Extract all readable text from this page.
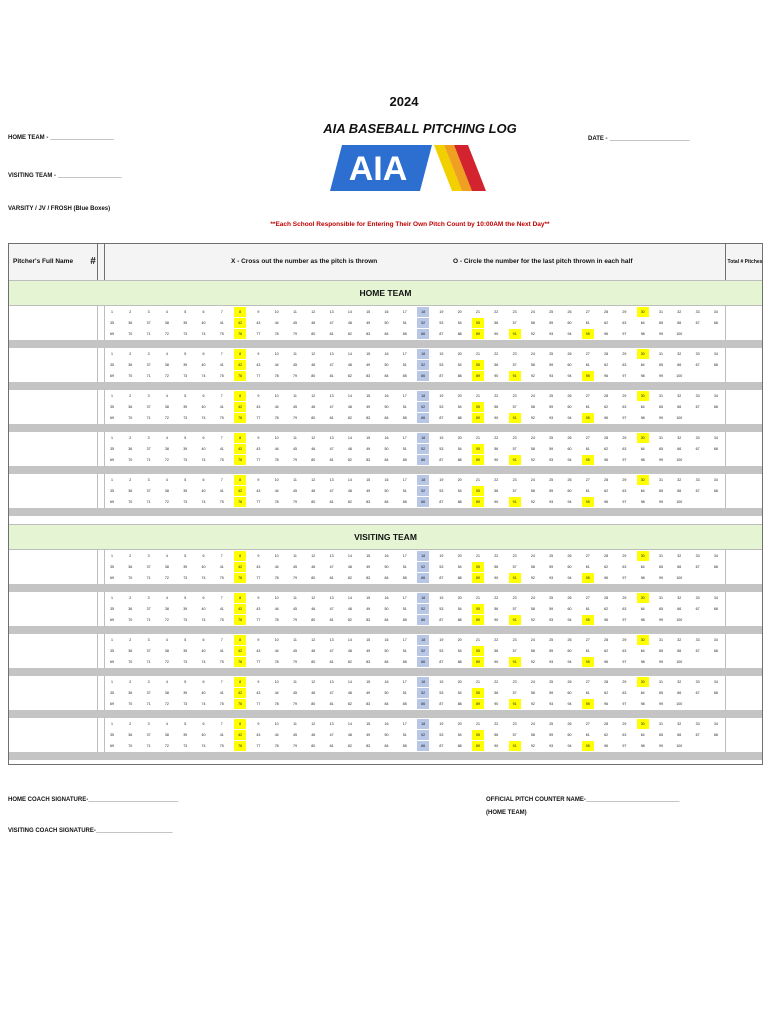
2024
AIA BASEBALL PITCHING LOG
HOME TEAM - ___________________	DATE - ________________________
VISITING TEAM - ___________________
VARSITY / JV / FROSH (Blue Boxes)
AIA
**Each School Responsible for Entering Their Own Pitch Count by 10:00AM the Next Day**
Pitcher's Full Name	#	X - Cross out the number as the pitch is thrown	O - Circle the number for the last pitch thrown in each half	Total # Pitches
HOME TEAM
1	2	3	4	5	6	7	8	9	10	11	12	13	14	15	16	17	18	19	20	21	22	23	24	25	26	27	28	29	30	31	32	33	34
35	36	37	38	39	40	41	42	43	44	45	46	47	48	49	50	51	52	53	54	55	56	57	58	59	60	61	62	63	64	65	66	67	68
69	70	71	72	73	74	75	76	77	78	79	80	81	82	83	84	85	86	87	88	89	90	91	92	93	94	95	96	97	98	99	100
1	2	3	4	5	6	7	8	9	10	11	12	13	14	15	16	17	18	19	20	21	22	23	24	25	26	27	28	29	30	31	32	33	34
35	36	37	38	39	40	41	42	43	44	45	46	47	48	49	50	51	52	53	54	55	56	57	58	59	60	61	62	63	64	65	66	67	68
69	70	71	72	73	74	75	76	77	78	79	80	81	82	83	84	85	86	87	88	89	90	91	92	93	94	95	96	97	98	99	100
1	2	3	4	5	6	7	8	9	10	11	12	13	14	15	16	17	18	19	20	21	22	23	24	25	26	27	28	29	30	31	32	33	34
35	36	37	38	39	40	41	42	43	44	45	46	47	48	49	50	51	52	53	54	55	56	57	58	59	60	61	62	63	64	65	66	67	68
69	70	71	72	73	74	75	76	77	78	79	80	81	82	83	84	85	86	87	88	89	90	91	92	93	94	95	96	97	98	99	100
1	2	3	4	5	6	7	8	9	10	11	12	13	14	15	16	17	18	19	20	21	22	23	24	25	26	27	28	29	30	31	32	33	34
35	36	37	38	39	40	41	42	43	44	45	46	47	48	49	50	51	52	53	54	55	56	57	58	59	60	61	62	63	64	65	66	67	68
69	70	71	72	73	74	75	76	77	78	79	80	81	82	83	84	85	86	87	88	89	90	91	92	93	94	95	96	97	98	99	100
1	2	3	4	5	6	7	8	9	10	11	12	13	14	15	16	17	18	19	20	21	22	23	24	25	26	27	28	29	30	31	32	33	34
35	36	37	38	39	40	41	42	43	44	45	46	47	48	49	50	51	52	53	54	55	56	57	58	59	60	61	62	63	64	65	66	67	68
69	70	71	72	73	74	75	76	77	78	79	80	81	82	83	84	85	86	87	88	89	90	91	92	93	94	95	96	97	98	99	100
VISITING TEAM
1	2	3	4	5	6	7	8	9	10	11	12	13	14	15	16	17	18	19	20	21	22	23	24	25	26	27	28	29	30	31	32	33	34
35	36	37	38	39	40	41	42	43	44	45	46	47	48	49	50	51	52	53	54	55	56	57	58	59	60	61	62	63	64	65	66	67	68
69	70	71	72	73	74	75	76	77	78	79	80	81	82	83	84	85	86	87	88	89	90	91	92	93	94	95	96	97	98	99	100
1	2	3	4	5	6	7	8	9	10	11	12	13	14	15	16	17	18	19	20	21	22	23	24	25	26	27	28	29	30	31	32	33	34
35	36	37	38	39	40	41	42	43	44	45	46	47	48	49	50	51	52	53	54	55	56	57	58	59	60	61	62	63	64	65	66	67	68
69	70	71	72	73	74	75	76	77	78	79	80	81	82	83	84	85	86	87	88	89	90	91	92	93	94	95	96	97	98	99	100
1	2	3	4	5	6	7	8	9	10	11	12	13	14	15	16	17	18	19	20	21	22	23	24	25	26	27	28	29	30	31	32	33	34
35	36	37	38	39	40	41	42	43	44	45	46	47	48	49	50	51	52	53	54	55	56	57	58	59	60	61	62	63	64	65	66	67	68
69	70	71	72	73	74	75	76	77	78	79	80	81	82	83	84	85	86	87	88	89	90	91	92	93	94	95	96	97	98	99	100
1	2	3	4	5	6	7	8	9	10	11	12	13	14	15	16	17	18	19	20	21	22	23	24	25	26	27	28	29	30	31	32	33	34
35	36	37	38	39	40	41	42	43	44	45	46	47	48	49	50	51	52	53	54	55	56	57	58	59	60	61	62	63	64	65	66	67	68
69	70	71	72	73	74	75	76	77	78	79	80	81	82	83	84	85	86	87	88	89	90	91	92	93	94	95	96	97	98	99	100
1	2	3	4	5	6	7	8	9	10	11	12	13	14	15	16	17	18	19	20	21	22	23	24	25	26	27	28	29	30	31	32	33	34
35	36	37	38	39	40	41	42	43	44	45	46	47	48	49	50	51	52	53	54	55	56	57	58	59	60	61	62	63	64	65	66	67	68
69	70	71	72	73	74	75	76	77	78	79	80	81	82	83	84	85	86	87	88	89	90	91	92	93	94	95	96	97	98	99	100
HOME COACH SIGNATURE-___________________________
VISITING COACH SIGNATURE-_______________________
OFFICIAL PITCH COUNTER NAME-____________________________
(HOME TEAM)
